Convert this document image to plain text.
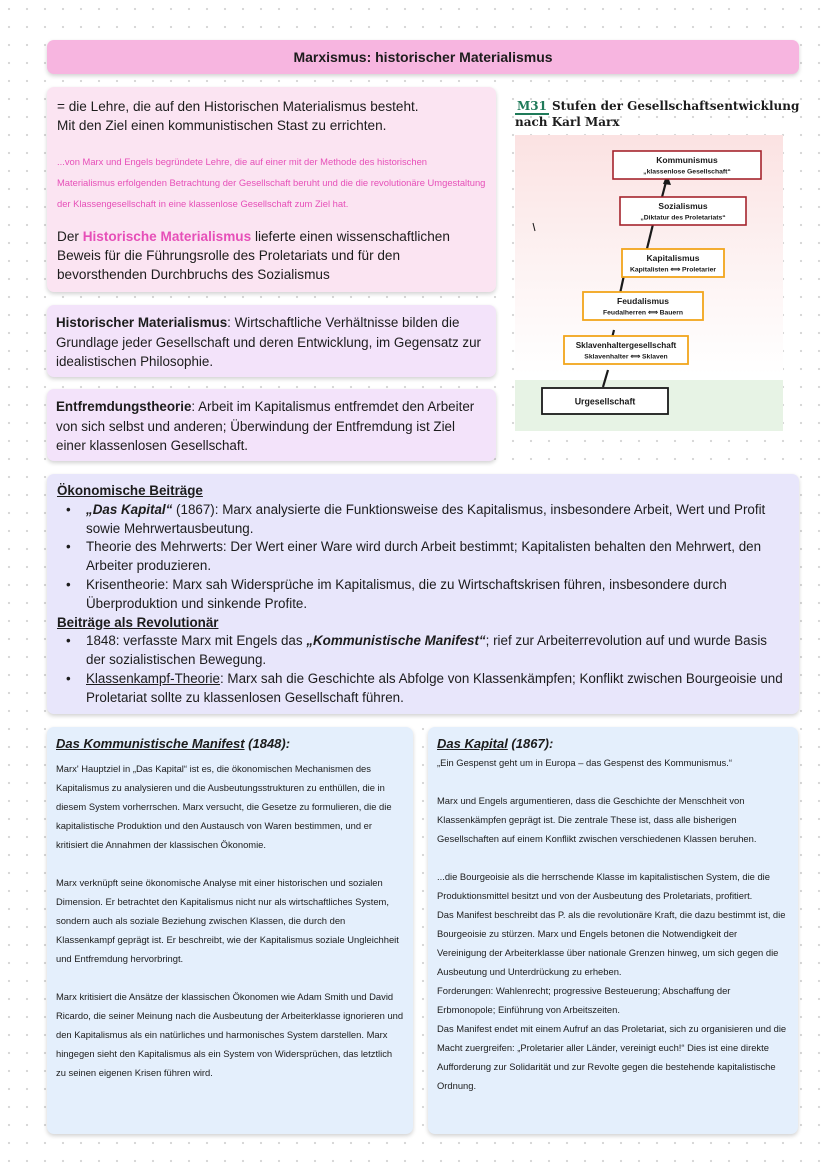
Marxismus: historischer Materialismus
= die Lehre, die auf den Historischen Materialismus besteht.
Mit den Ziel einen kommunistischen Stast zu errichten.
...von Marx und Engels begründete Lehre, die auf einer mit der Methode des historischen Materialismus erfolgenden Betrachtung der Gesellschaft beruht und die die revolutionäre Umgestaltung der Klassengesellschaft in eine klassenlose Gesellschaft zum Ziel hat.
Der Historische Materialismus lieferte einen wissenschaftlichen Beweis für die Führungsrolle des Proletariats und für den bevorsthenden Durchbruchs des Sozialismus
Historischer Materialismus: Wirtschaftliche Verhältnisse bilden die Grundlage jeder Gesellschaft und deren Entwicklung, im Gegensatz zur idealistischen Philosophie.
Entfremdungstheorie: Arbeit im Kapitalismus entfremdet den Arbeiter von sich selbst und anderen; Überwindung der Entfremdung ist Ziel einer klassenlosen Gesellschaft.
M31 Stufen der Gesellschaftsentwicklung nach Karl Marx
Kommunismus
„klassenlose Gesellschaft“
Sozialismus
„Diktatur des Proletariats“
Kapitalismus
Kapitalisten ⟺ Proletarier
Feudalismus
Feudalherren ⟺ Bauern
Sklavenhaltergesellschaft
Sklavenhalter ⟺ Sklaven
Urgesellschaft
Ökonomische Beiträge
• „Das Kapital“ (1867): Marx analysierte die Funktionsweise des Kapitalismus, insbesondere Arbeit, Wert und Profit sowie Mehrwertausbeutung.
• Theorie des Mehrwerts: Der Wert einer Ware wird durch Arbeit bestimmt; Kapitalisten behalten den Mehrwert, den Arbeiter produzieren.
• Krisentheorie: Marx sah Widersprüche im Kapitalismus, die zu Wirtschaftskrisen führen, insbesondere durch Überproduktion und sinkende Profite.
Beiträge als Revolutionär
• 1848: verfasste Marx mit Engels das „Kommunistische Manifest“; rief zur Arbeiterrevolution auf und wurde Basis der sozialistischen Bewegung.
• Klassenkampf-Theorie: Marx sah die Geschichte als Abfolge von Klassenkämpfen; Konflikt zwischen Bourgeoisie und Proletariat sollte zu klassenlosen Gesellschaft führen.
Das Kommunistische Manifest (1848):

Marx' Hauptziel in „Das Kapital“ ist es, die ökonomischen Mechanismen des Kapitalismus zu analysieren und die Ausbeutungsstrukturen zu enthüllen, die in diesem System vorherrschen. Marx versucht, die Gesetze zu formulieren, die die kapitalistische Produktion und den Austausch von Waren bestimmen, und er kritisiert die Annahmen der klassischen Ökonomie.

Marx verknüpft seine ökonomische Analyse mit einer historischen und sozialen Dimension. Er betrachtet den Kapitalismus nicht nur als wirtschaftliches System, sondern auch als soziale Beziehung zwischen Klassen, die durch den Klassenkampf geprägt ist. Er beschreibt, wie der Kapitalismus soziale Ungleichheit und Entfremdung hervorbringt.

Marx kritisiert die Ansätze der klassischen Ökonomen wie Adam Smith und David Ricardo, die seiner Meinung nach die Ausbeutung der Arbeiterklasse ignorieren und den Kapitalismus als ein natürliches und harmonisches System darstellen. Marx hingegen sieht den Kapitalismus als ein System von Widersprüchen, das letztlich zu seinen eigenen Krisen führen wird.

Das Kapital (1867):

„Ein Gespenst geht um in Europa – das Gespenst des Kommunismus.“

Marx und Engels argumentieren, dass die Geschichte der Menschheit von Klassenkämpfen geprägt ist. Die zentrale These ist, dass alle bisherigen Gesellschaften auf einem Konflikt zwischen verschiedenen Klassen beruhen.

...die Bourgeoisie als die herrschende Klasse im kapitalistischen System, die die Produktionsmittel besitzt und von der Ausbeutung des Proletariats, profitiert.

Das Manifest beschreibt das P. als die revolutionäre Kraft, die dazu bestimmt ist, die Bourgeoisie zu stürzen. Marx und Engels betonen die Notwendigkeit der Vereinigung der Arbeiterklasse über nationale Grenzen hinweg, um sich gegen die Ausbeutung und Unterdrückung zu erheben.

Forderungen: Wahlenrecht; progressive Besteuerung; Abschaffung der Erbmonopole; Einführung von Arbeitszeiten.

Das Manifest endet mit einem Aufruf an das Proletariat, sich zu organisieren und die Macht zuergreifen: „Proletarier aller Länder, vereinigt euch!“ Dies ist eine direkte Aufforderung zur Solidarität und zur Revolte gegen die bestehende kapitalistische Ordnung.
